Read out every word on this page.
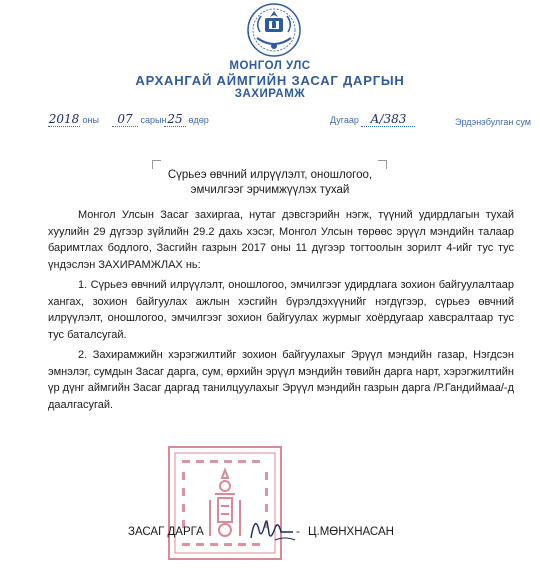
МОНГОЛ УЛС
АРХАНГАЙ АЙМГИЙН ЗАСАГ ДАРГЫН
ЗАХИРАМЖ
2018 оны	07 сарын 25 өдөр	Дугаар А/383	Эрдэнэбулган сум
Сүрьеэ өвчний илрүүлэлт, оношлогоо,
эмчилгээг эрчимжүүлэх тухай

Монгол Улсын Засаг захиргаа, нутаг дэвсгэрийн нэгж, түүний удирдлагын тухай хуулийн 29 дүгээр зүйлийн 29.2 дахь хэсэг, Монгол Улсын төрөөс эрүүл мэндийн талаар баримтлах бодлого, Засгийн газрын 2017 оны 11 дүгээр тогтоолын зорилт 4-ийг тус тус үндэслэн ЗАХИРАМЖЛАХ нь:

1. Сүрьеэ өвчний илрүүлэлт, оношлогоо, эмчилгээг удирдлага зохион байгуулалтаар хангах, зохион байгуулах ажлын хэсгийн бүрэлдэхүүнийг нэгдүгээр, сүрьеэ өвчний илрүүлэлт, оношлогоо, эмчилгээг зохион байгуулах журмыг хоёрдугаар хавсралтаар тус тус баталсугай.

2. Захирамжийн хэрэгжилтийг зохион байгуулахыг Эрүүл мэндийн газар, Нэгдсэн эмнэлэг, сумдын Засаг дарга, сум, өрхийн эрүүл мэндийн төвийн дарга нарт, хэрэгжилтийн үр дүнг аймгийн Засаг даргад танилцуулахыг Эрүүл мэндийн газрын дарга /Р.Гандиймаа/-д даалгасугай.

ЗАСАГ ДАРГА	- Ц.МӨНХНАСАН
